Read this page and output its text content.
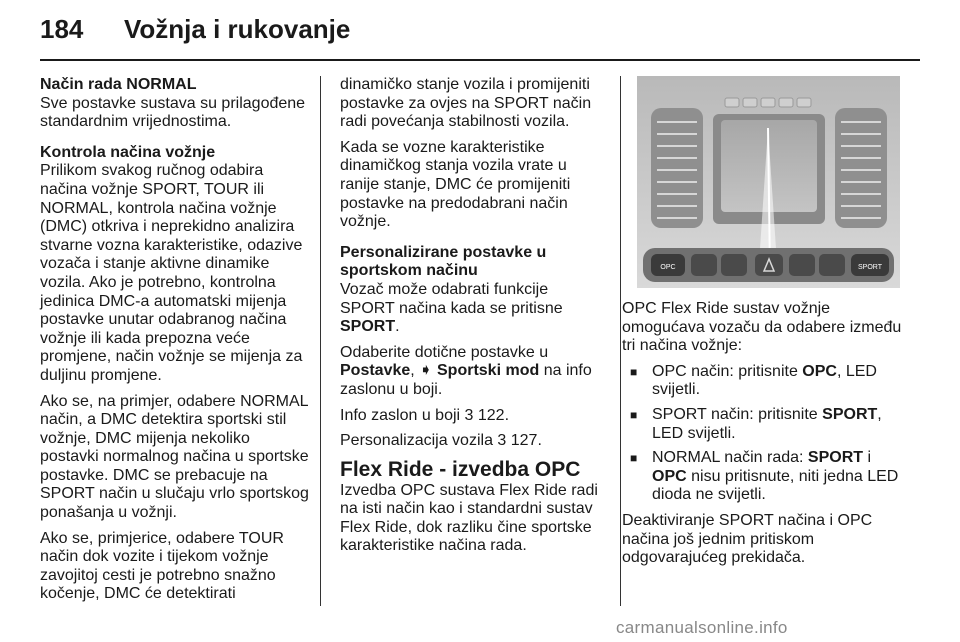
184 Vožnja i rukovanje
Način rada NORMAL

Sve postavke sustava su prilagođene standardnim vrijednostima.

Kontrola načina vožnje

Prilikom svakog ručnog odabira načina vožnje SPORT, TOUR ili NORMAL, kontrola načina vožnje (DMC) otkriva i neprekidno analizira stvarne vozna karakteristike, odazive vozača i stanje aktivne dinamike vozila. Ako je potrebno, kontrolna jedinica DMC-a automatski mijenja postavke unutar odabranog načina vožnje ili kada prepozna veće promjene, način vožnje se mijenja za duljinu promjene.

Ako se, na primjer, odabere NORMAL način, a DMC detektira sportski stil vožnje, DMC mijenja nekoliko postavki normalnog načina u sportske postavke. DMC se prebacuje na SPORT način u slučaju vrlo sportskog ponašanja u vožnji.

Ako se, primjerice, odabere TOUR način dok vozite i tijekom vožnje zavojitoj cesti je potrebno snažno kočenje, DMC će detektirati

dinamičko stanje vozila i promijeniti postavke za ovjes na SPORT način radi povećanja stabilnosti vozila.

Kada se vozne karakteristike dinamičkog stanja vozila vrate u ranije stanje, DMC će promijeniti postavke na predodabrani način vožnje.

Personalizirane postavke u sportskom načinu

Vozač može odabrati funkcije SPORT načina kada se pritisne SPORT.

Odaberite dotične postavke u Postavke, ➧ Sportski mod na info zaslonu u boji.

Info zaslon u boji 3 122.

Personalizacija vozila 3 127.

Flex Ride - izvedba OPC

Izvedba OPC sustava Flex Ride radi na isti način kao i standardni sustav Flex Ride, dok razliku čine sportske karakteristike načina rada.

OPC	SPORT

OPC Flex Ride sustav vožnje omogućava vozaču da odabere između tri načina vožnje:

■ OPC način: pritisnite OPC, LED svijetli.
■ SPORT način: pritisnite SPORT, LED svijetli.
■ NORMAL način rada: SPORT i OPC nisu pritisnute, niti jedna LED dioda ne svijetli.

Deaktiviranje SPORT načina i OPC načina još jednim pritiskom odgovarajućeg prekidača.

carmanualsonline.info
